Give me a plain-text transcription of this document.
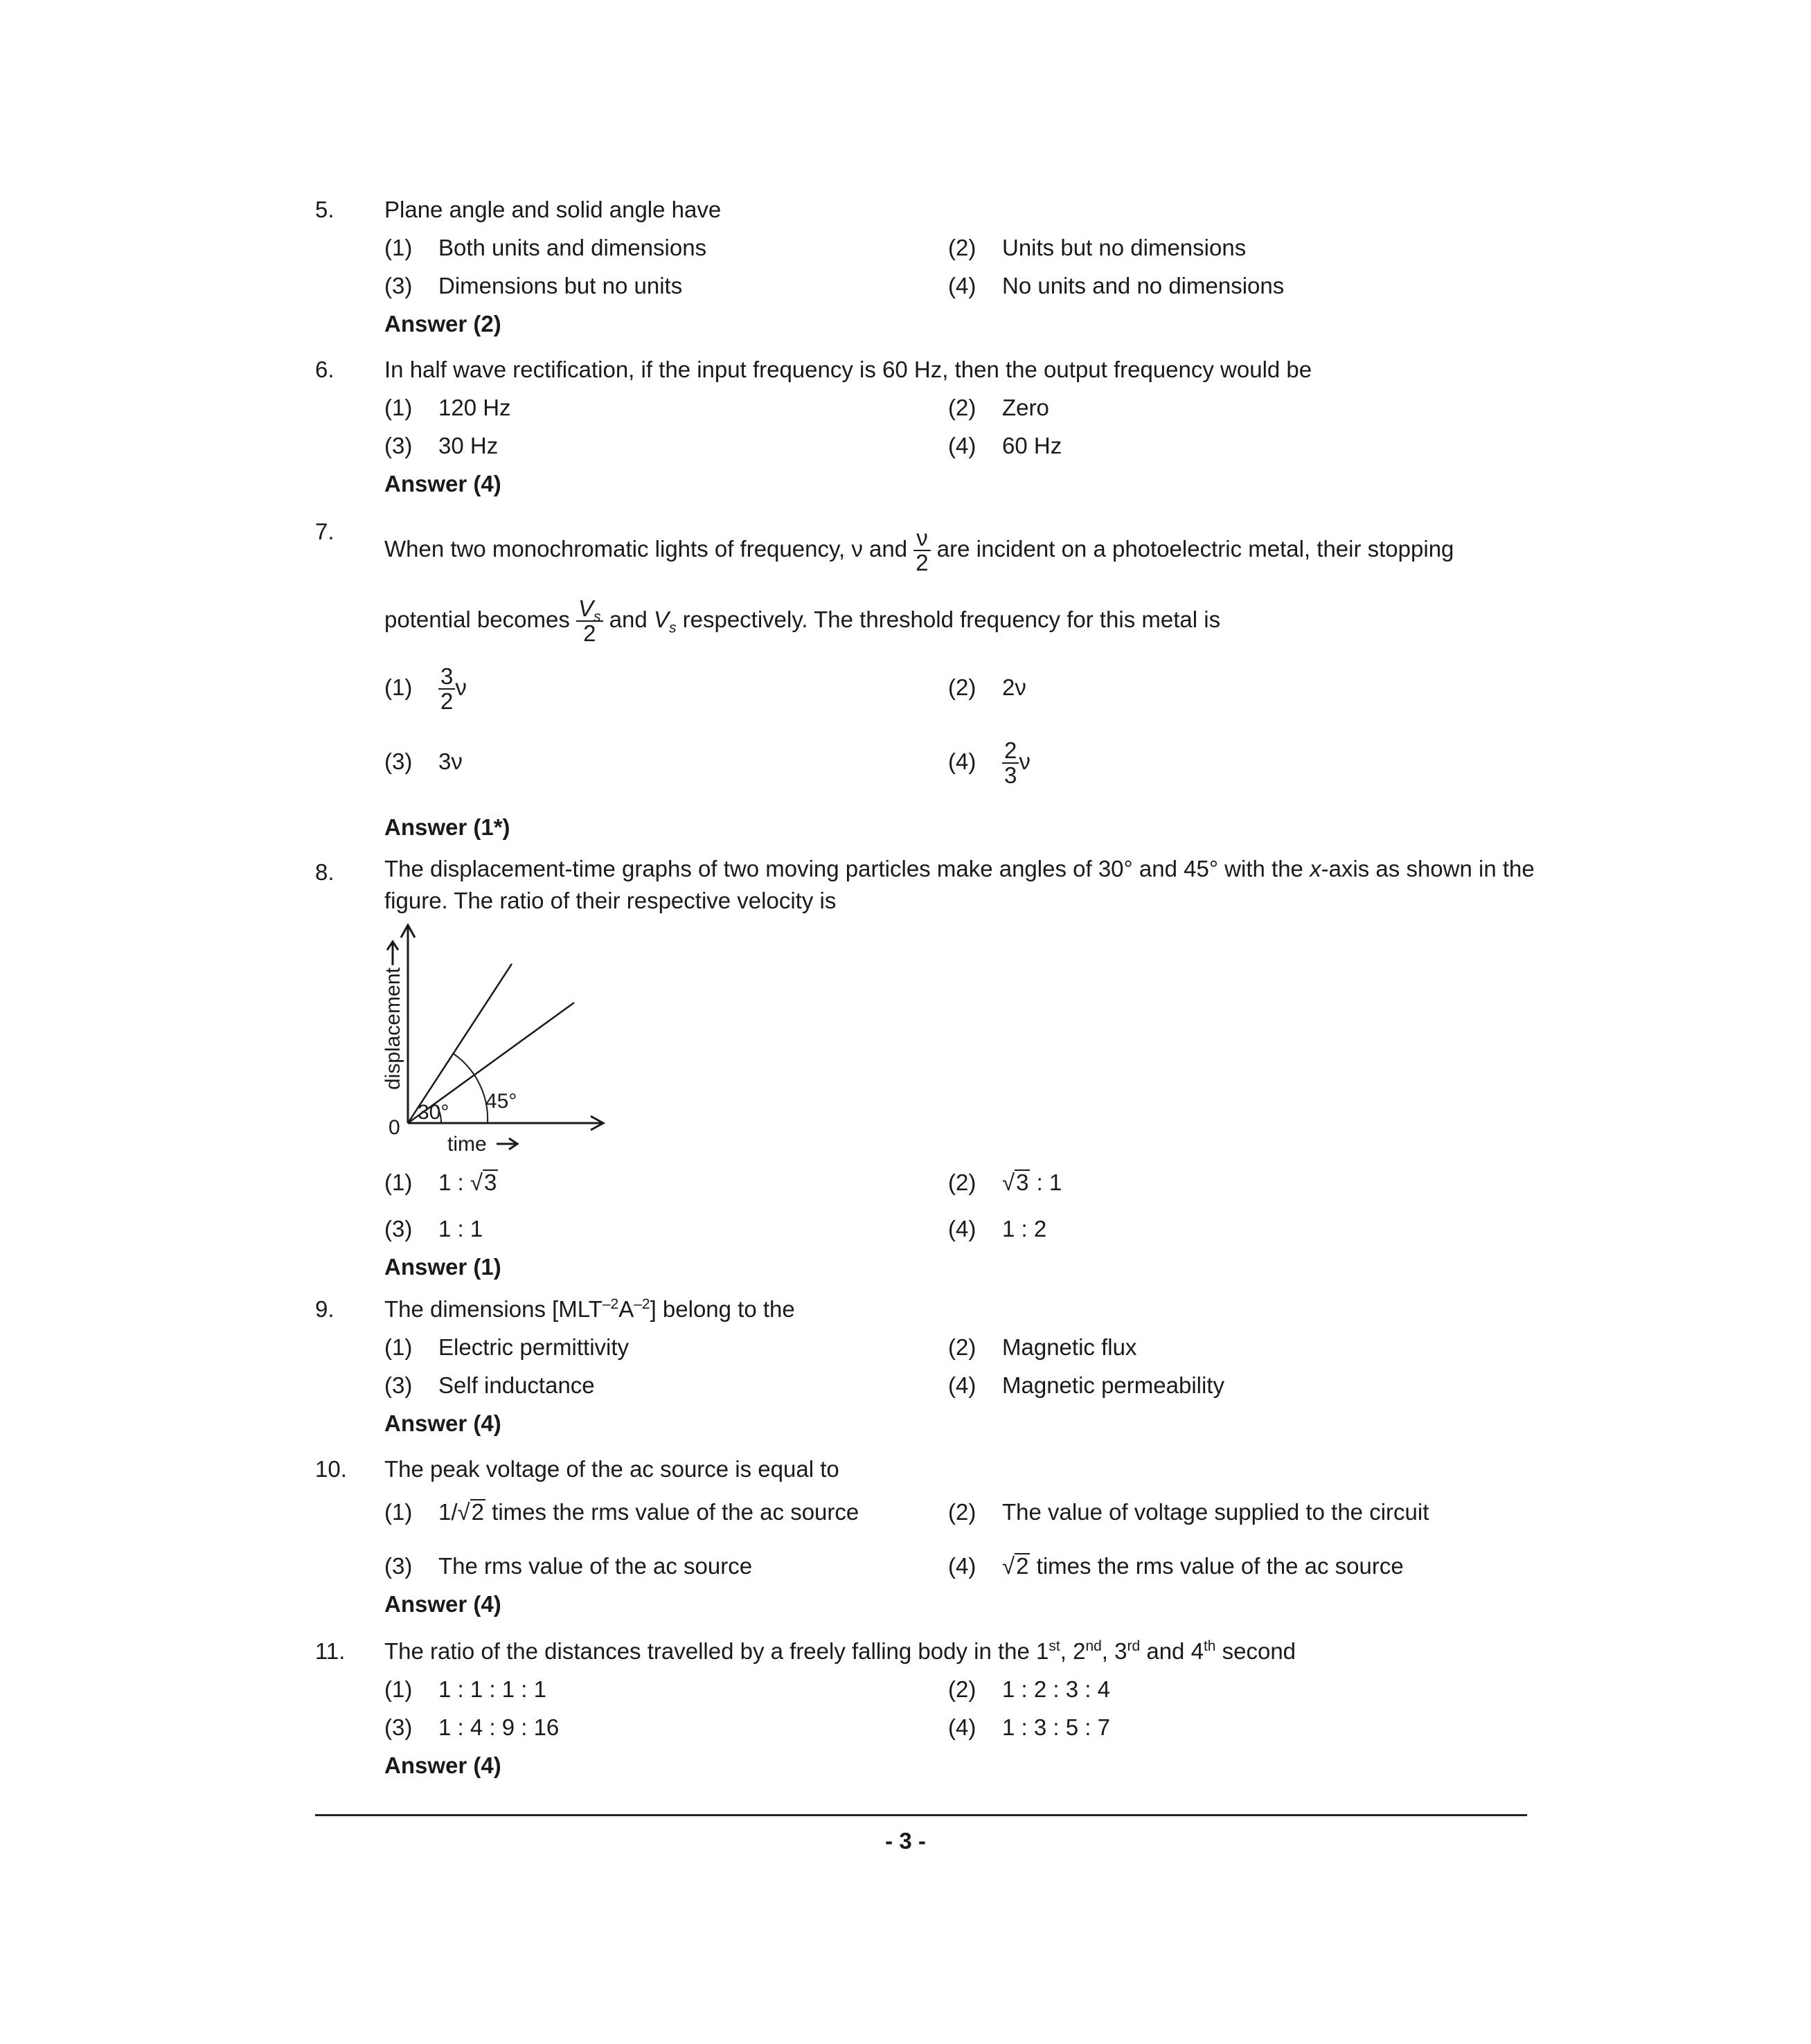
5. Plane angle and solid angle have
(1) Both units and dimensions	(2) Units but no dimensions
(3) Dimensions but no units	(4) No units and no dimensions
Answer (2)
6. In half wave rectification, if the input frequency is 60 Hz, then the output frequency would be
(1) 120 Hz	(2) Zero
(3) 30 Hz	(4) 60 Hz
Answer (4)
7.
When two monochromatic lights of frequency, ν and $\frac{\nu}{2}$ are incident on a photoelectric metal, their stopping
potential becomes $\frac{V_s}{2}$ and $V_s$ respectively. The threshold frequency for this metal is
$(1) \frac{3}{2}$ ν	(2) 2ν
(3) 3ν	$(4) \frac{2}{3}$ ν
Answer (1*)
8. The displacement-time graphs of two moving particles make angles of 30° and 45° with the x-axis as shown in the figure. The ratio of their respective velocity is
30° 45°
0
time
displacement
(1) 1 : √3	(2) √3 : 1
(3) 1 : 1	(4) 1 : 2
Answer (1)
9. The dimensions $[MLT^{-2}A^{-2}]$ belong to the
(1) Electric permittivity	(2) Magnetic flux
(3) Self inductance	(4) Magnetic permeability
Answer (4)
10. The peak voltage of the ac source is equal to
(1) 1/√2 times the rms value of the ac source	(2) The value of voltage supplied to the circuit
(3) The rms value of the ac source	(4) √2 times the rms value of the ac source
Answer (4)
11. The ratio of the distances travelled by a freely falling body in the 1st, 2nd, 3rd and 4th second
(1) 1 : 1 : 1 : 1	(2) 1 : 2 : 3 : 4
(3) 1 : 4 : 9 : 16	(4) 1 : 3 : 5 : 7
Answer (4)
- 3 -
